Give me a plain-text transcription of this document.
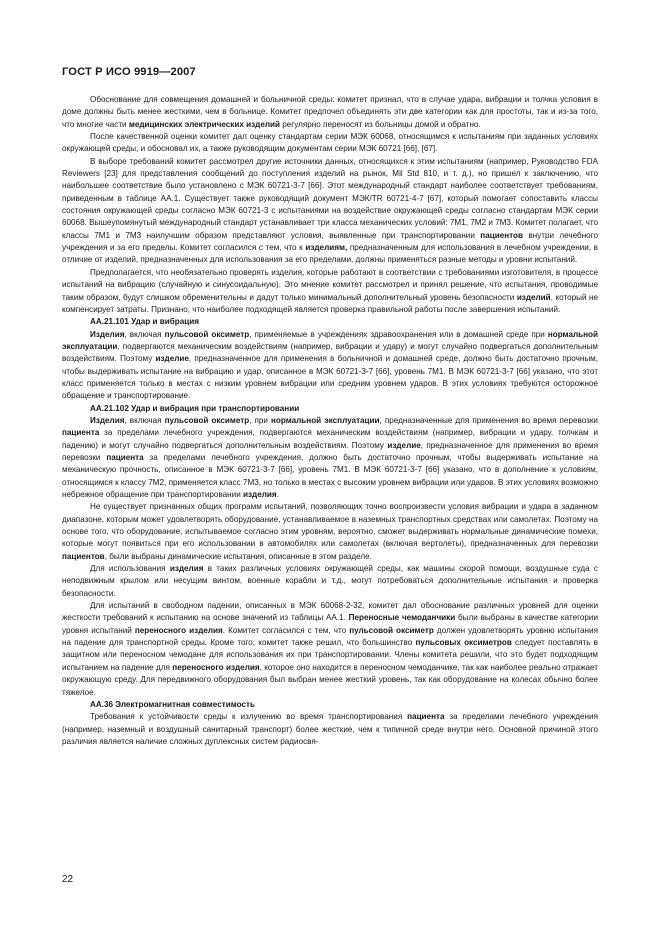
ГОСТ Р ИСО 9919—2007

Обоснование для совмещения домашней и больничной среды: комитет признал, что в случае удара, вибрации и толчка условия в доме должны быть менее жесткими, чем в больнице. Комитет предпочел объединять эти две категории как для простоты, так и из-за того, что многие части медицинских электрических изделий регулярно переносят из больницы домой и обратно.

После качественной оценки комитет дал оценку стандартам серии МЭК 60068, относящимся к испытаниям при заданных условиях окружающей среды, и обосновал их, а также руководящим документам серии МЭК 60721 [66], [67].

В выборе требований комитет рассмотрел другие источники данных, относящихся к этим испытаниям (например, Руководство FDA Reviewers [23] для представления сообщений до поступления изделий на рынок, Mil Std 810, и т. д.), но пришел к заключению, что наибольшее соответствие было установлено с МЭК 60721-3-7 [66]. Этот международный стандарт наиболее соответствует требованиям, приведенным в таблице АА.1. Существует также руководящий документ МЭК/TR 60721-4-7 [67], который помогает сопоставить классы состояния окружающей среды согласно МЭК 60721-3 с испытаниями на воздействие окружающей среды согласно стандартам МЭК серии 60068. Вышеупомянутый международный стандарт устанавливает три класса механических условий: 7M1, 7M2 и 7M3. Комитет полагает, что классы 7M1 и 7M3 наилучшим образом представляют условия, выявленные при транспортировании пациентов внутри лечебного учреждения и за его пределы. Комитет согласился с тем, что к изделиям, предназначенным для использования в лечебном учреждении, в отличие от изделий, предназначенных для использования за его пределами, должны применяться разные методы и уровни испытаний.

Предполагается, что необязательно проверять изделия, которые работают в соответствии с требованиями изготовителя, в процессе испытаний на вибрацию (случайную и синусоидальную). Это мнение комитет рассмотрел и принял решение, что испытания, проводимые таким образом, будут слишком обременительны и дадут только минимальный дополнительный уровень безопасности изделий, который не компенсирует затраты. Признано, что наиболее подходящей является проверка правильной работы после завершения испытаний.

АА.21.101 Удар и вибрация

Изделия, включая пульсовой оксиметр, применяемые в учреждениях здравоохранения или в домашней среде при нормальной эксплуатации, подвергаются механическим воздействиям (например, вибрации и удару) и могут случайно подвергаться дополнительным воздействиям. Поэтому изделие, предназначенное для применения в больничной и домашней среде, должно быть достаточно прочным, чтобы выдерживать испытание на вибрацию и удар, описанное в МЭК 60721-3-7 [66], уровень 7M1. В МЭК 60721-3-7 [66] указано, что этот класс применяется только в местах с низким уровнем вибрации или средним уровнем ударов. В этих условиях требуются осторожное обращение и транспортирование.

АА.21.102 Удар и вибрация при транспортировании

Изделия, включая пульсовой оксиметр, при нормальной эксплуатации, предназначенные для применения во время перевозки пациента за пределами лечебного учреждения, подвергаются механическим воздействиям (например, вибрации и удару, толчкам и падению) и могут случайно подвергаться дополнительным воздействиям. Поэтому изделие, предназначенное для применения во время перевозки пациента за пределами лечебного учреждения, должно быть достаточно прочным, чтобы выдерживать испытание на механическую прочность, описанное в МЭК 60721-3-7 [66], уровень 7M1. В МЭК 60721-3-7 [66] указано, что в дополнение к условиям, относящимся к классу 7M2, применяется класс 7M3, но только в местах с высоким уровнем вибрации или ударов. В этих условиях возможно небрежное обращение при транспортировании изделия.

Не существует признанных общих программ испытаний, позволяющих точно воспроизвести условия вибрации и удара в заданном диапазоне, которым может удовлетворять оборудование, устанавливаемое в наземных транспортных средствах или самолетах. Поэтому на основе того, что оборудование, испытываемое согласно этим уровням, вероятно, сможет выдерживать нормальные динамические помехи, которые могут появиться при его использовании в автомобилях или самолетах (включая вертолеты), предназначенных для перевозки пациентов, были выбраны динамические испытания, описанные в этом разделе.

Для использования изделия в таких различных условиях окружающей среды, как машины скорой помощи, воздушные суда с неподвижным крылом или несущим винтом, военные корабли и т.д., могут потребоваться дополнительные испытания и проверка безопасности.

Для испытаний в свободном падении, описанных в МЭК 60068-2-32, комитет дал обоснование различных уровней для оценки жесткости требований к испытанию на основе значений из таблицы АА.1. Переносные чемоданчики были выбраны в качестве категории уровня испытаний переносного изделия. Комитет согласился с тем, что пульсовой оксиметр должен удовлетворять уровню испытания на падение для транспортной среды. Кроме того, комитет также решил, что большинство пульсовых оксиметров следует поставлять в защитном или переносном чемодане для использования их при транспортировании. Члены комитета решили, что это будет подходящим испытанием на падение для переносного изделия, которое оно находится в переносном чемоданчике, так как наиболее реально отражает окружающую среду. Для передвижного оборудования был выбран менее жесткий уровень, так как оборудование на колесах обычно более тяжелое.

АА.36 Электромагнитная совместимость

Требования к устойчивости среды к излучению во время транспортирования пациента за пределами лечебного учреждения (например, наземный и воздушный санитарный транспорт) более жесткие, чем к типичной среде внутри него. Основной причиной этого различия является наличие сложных дуплексных систем радиосвя-

22
